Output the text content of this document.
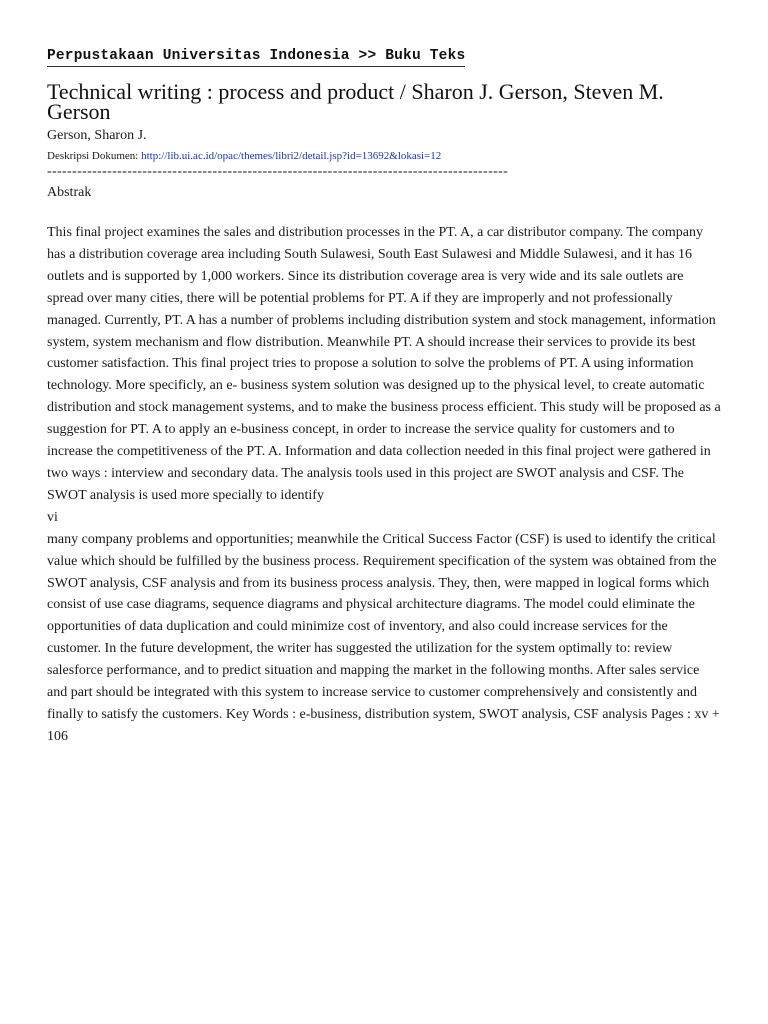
Perpustakaan Universitas Indonesia >> Buku Teks
Technical writing : process and product / Sharon J. Gerson, Steven M. Gerson
Gerson, Sharon J.
Deskripsi Dokumen: http://lib.ui.ac.id/opac/themes/libri2/detail.jsp?id=13692&lokasi=12
--------------------------------------------------------------------------------------------
Abstrak

This final project examines the sales and distribution processes in the PT. A, a car distributor company. The company has a distribution coverage area including South Sulawesi, South East Sulawesi and Middle Sulawesi, and it has 16 outlets and is supported by 1,000 workers. Since its distribution coverage area is very wide and its sale outlets are spread over many cities, there will be potential problems for PT. A if they are improperly and not professionally managed. Currently, PT. A has a number of problems including distribution system and stock management, information system, system mechanism and flow distribution. Meanwhile PT. A should increase their services to provide its best customer satisfaction. This final project tries to propose a solution to solve the problems of PT. A using information technology. More specificly, an e- business system solution was designed up to the physical level, to create automatic distribution and stock management systems, and to make the business process efficient. This study will be proposed as a suggestion for PT. A to apply an e-business concept, in order to increase the service quality for customers and to increase the competitiveness of the PT. A. Information and data collection needed in this final project were gathered in two ways : interview and secondary data. The analysis tools used in this project are SWOT analysis and CSF. The SWOT analysis is used more specially to identify

vi

many company problems and opportunities; meanwhile the Critical Success Factor (CSF) is used to identify the critical value which should be fulfilled by the business process. Requirement specification of the system was obtained from the SWOT analysis, CSF analysis and from its business process analysis. They, then, were mapped in logical forms which consist of use case diagrams, sequence diagrams and physical architecture diagrams. The model could eliminate the opportunities of data duplication and could minimize cost of inventory, and also could increase services for the customer. In the future development, the writer has suggested the utilization for the system optimally to: review salesforce performance, and to predict situation and mapping the market in the following months. After sales service and part should be integrated with this system to increase service to customer comprehensively and consistently and finally to satisfy the customers. Key Words : e-business, distribution system, SWOT analysis, CSF analysis Pages : xv + 106
